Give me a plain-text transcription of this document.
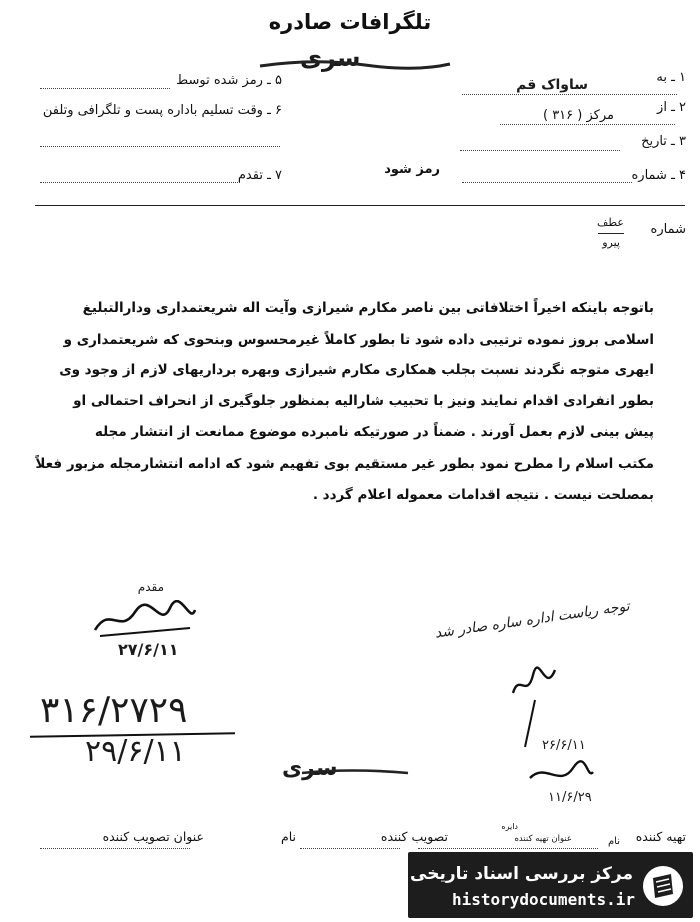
تلگرافات صادره
سری
۱ ـ به
ساواک قم
۲ ـ از
مرکز ( ۳۱۶ )
۳ ـ تاریخ
۴ ـ شماره
۵ ـ رمز شده توسط
۶ ـ وقت تسلیم باداره پست و تلگرافی وتلفن
۷ ـ تقدم	رمز شود
شماره
عطف
پیرو
باتوجه باینکه اخیراً اختلافاتی بین ناصر مکارم شیرازی وآیت اله شریعتمداری ودارالتبلیغ
اسلامی بروز نموده ترتیبی داده شود تا بطور کاملاً غیرمحسوس وبنحوی که شریعتمداری و
ایهری متوجه نگردند نسبت بجلب همکاری مکارم شیرازی وبهره برداریهای لازم از وجود وی
بطور انفرادی اقدام نمایند ونیز با تحبیب شارالیه بمنظور جلوگیری از انحراف احتمالی او
پیش بینی لازم بعمل آورند . ضمناً در صورتیکه نامبرده موضوع ممانعت از انتشار مجله
مکتب اسلام را مطرح نمود بطور غیر مستقیم بوی تفهیم شود که ادامه انتشارمجله مزبور فعلاً
بمصلحت نیست . نتیجه اقدامات معموله اعلام گردد .
مقدم
۲۷/۶/۱۱
توجه ریاست اداره ساره صادر شد
۳۱۶/۲۷۲۹
۲۹/۶/۱۱	۲۶/۶/۱۱
۱۱/۶/۲۹
سری
تهیه کننده
نام
دایره
عنوان تهیه کننده
تصویب کننده
نام
عنوان تصویب کننده
مرکز بررسی اسناد تاریخی
historydocuments.ir
